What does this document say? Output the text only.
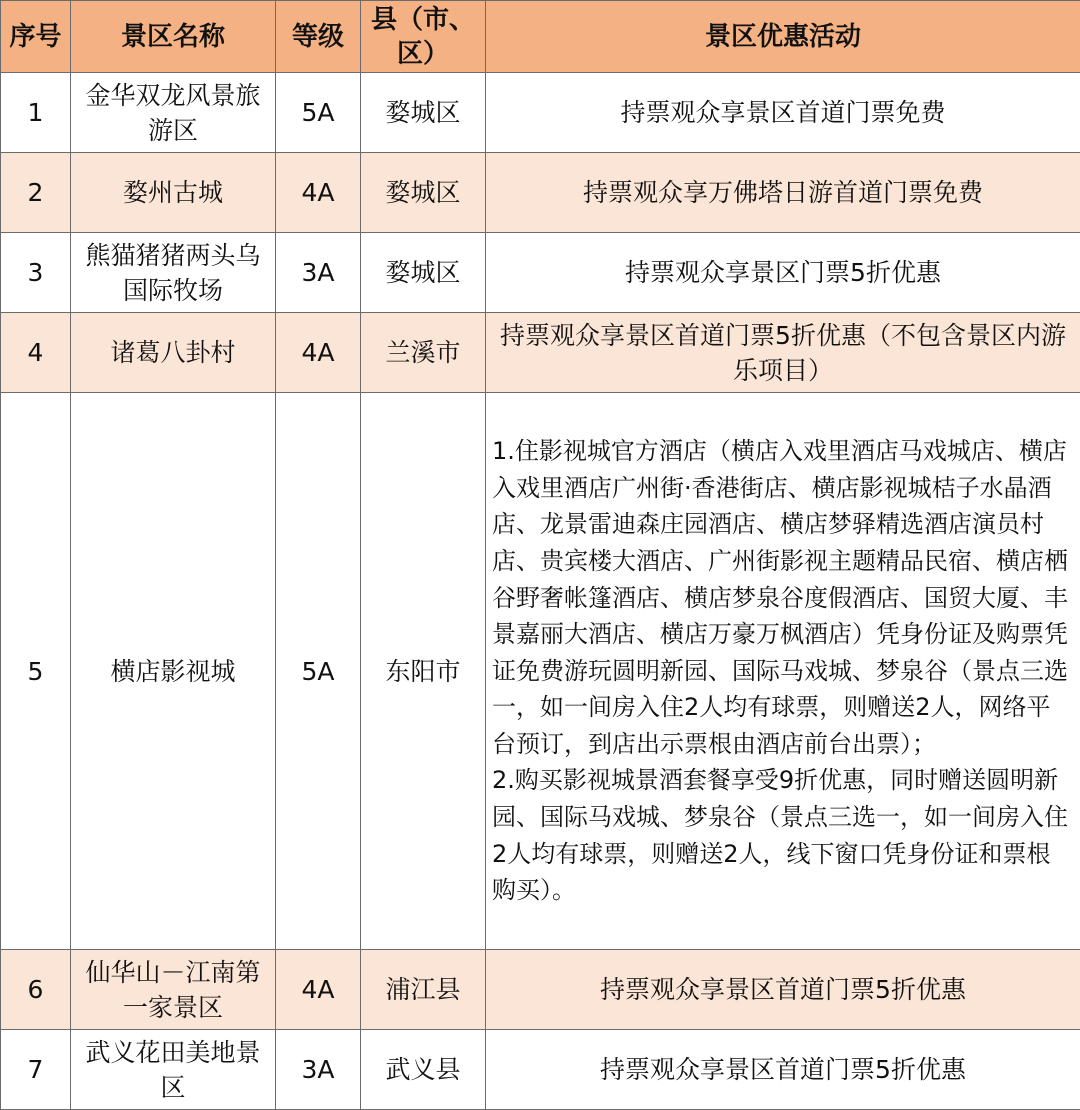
序号	景区名称	等级	县（市、区）	景区优惠活动
1	金华双龙风景旅游区	5A	婺城区	持票观众享景区首道门票免费
2	婺州古城	4A	婺城区	持票观众享万佛塔日游首道门票免费
3	熊猫猪猪两头乌国际牧场	3A	婺城区	持票观众享景区门票5折优惠
4	诸葛八卦村	4A	兰溪市	持票观众享景区首道门票5折优惠（不包含景区内游乐项目）
5	横店影视城	5A	东阳市	1.住影视城官方酒店（横店入戏里酒店马戏城店、横店入戏里酒店广州街·香港街店、横店影视城桔子水晶酒店、龙景雷迪森庄园酒店、横店梦驿精选酒店演员村店、贵宾楼大酒店、广州街影视主题精品民宿、横店栖谷野奢帐篷酒店、横店梦泉谷度假酒店、国贸大厦、丰景嘉丽大酒店、横店万豪万枫酒店）凭身份证及购票凭证免费游玩圆明新园、国际马戏城、梦泉谷（景点三选一，如一间房入住2人均有球票，则赠送2人，网络平台预订，到店出示票根由酒店前台出票）；
2.购买影视城景酒套餐享受9折优惠，同时赠送圆明新园、国际马戏城、梦泉谷（景点三选一，如一间房入住2人均有球票，则赠送2人，线下窗口凭身份证和票根购买）。

6	仙华山－江南第一家景区	4A	浦江县	持票观众享景区首道门票5折优惠
7	武义花田美地景区	3A	武义县	持票观众享景区首道门票5折优惠
